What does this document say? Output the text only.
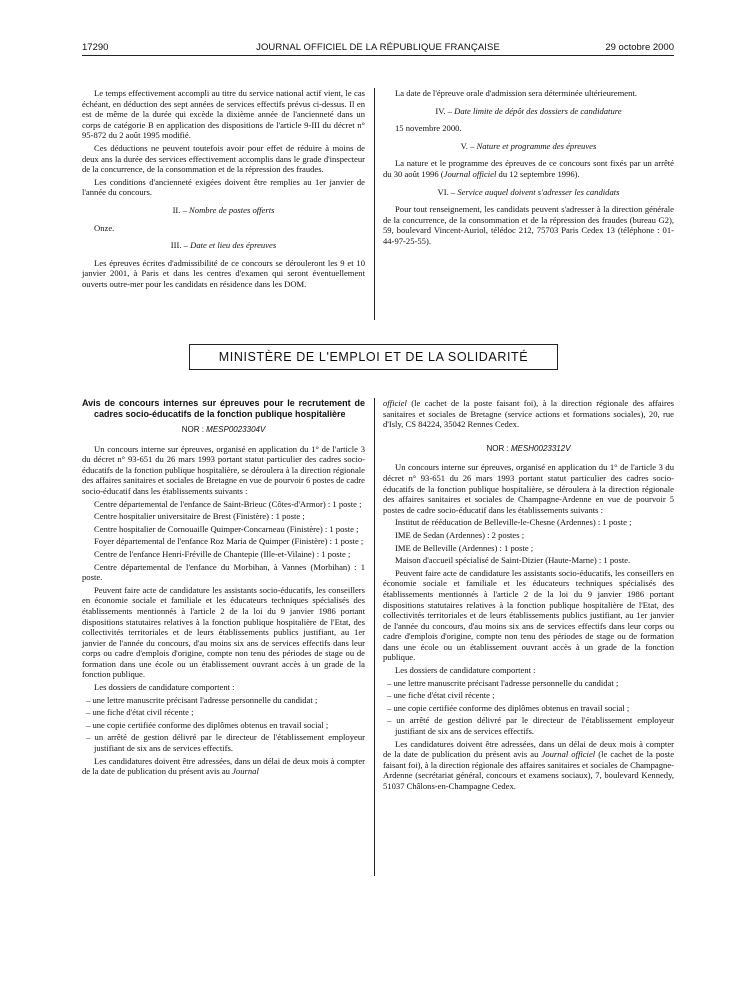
17290	JOURNAL OFFICIEL DE LA RÉPUBLIQUE FRANÇAISE	29 octobre 2000

Le temps effectivement accompli au titre du service national actif vient, le cas échéant, en déduction des sept années de services effectifs prévus ci-dessus. Il en est de même de la durée qui excède la dixième année de l'ancienneté dans un corps de catégorie B en application des dispositions de l'article 9-III du décret n° 95-872 du 2 août 1995 modifié.

Ces déductions ne peuvent toutefois avoir pour effet de réduire à moins de deux ans la durée des services effectivement accomplis dans le grade d'inspecteur de la concurrence, de la consommation et de la répression des fraudes.

Les conditions d'ancienneté exigées doivent être remplies au 1er janvier de l'année du concours.

II. – Nombre de postes offerts

Onze.

III. – Date et lieu des épreuves

Les épreuves écrites d'admissibilité de ce concours se dérouleront les 9 et 10 janvier 2001, à Paris et dans les centres d'examen qui seront éventuellement ouverts outre-mer pour les candidats en résidence dans les DOM.

La date de l'épreuve orale d'admission sera déterminée ultérieurement.

IV. – Date limite de dépôt des dossiers de candidature

15 novembre 2000.

V. – Nature et programme des épreuves

La nature et le programme des épreuves de ce concours sont fixés par un arrêté du 30 août 1996 (Journal officiel du 12 septembre 1996).

VI. – Service auquel doivent s'adresser les candidats

Pour tout renseignement, les candidats peuvent s'adresser à la direction générale de la concurrence, de la consommation et de la répression des fraudes (bureau G2), 59, boulevard Vincent-Auriol, télédoc 212, 75703 Paris Cedex 13 (téléphone : 01-44-97-25-55).

MINISTÈRE DE L'EMPLOI ET DE LA SOLIDARITÉ

Avis de concours internes sur épreuves pour le recrutement de cadres socio-éducatifs de la fonction publique hospitalière

NOR : MESP0023304V

Un concours interne sur épreuves, organisé en application du 1° de l'article 3 du décret n° 93-651 du 26 mars 1993 portant statut particulier des cadres socio-éducatifs de la fonction publique hospitalière, se déroulera à la direction régionale des affaires sanitaires et sociales de Bretagne en vue de pourvoir 6 postes de cadre socio-éducatif dans les établissements suivants :

Centre départemental de l'enfance de Saint-Brieuc (Côtes-d'Armor) : 1 poste ;

Centre hospitalier universitaire de Brest (Finistère) : 1 poste ;

Centre hospitalier de Cornouaille Quimper-Concarneau (Finistère) : 1 poste ;

Foyer départemental de l'enfance Roz Maria de Quimper (Finistère) : 1 poste ;

Centre de l'enfance Henri-Fréville de Chantepie (Ille-et-Vilaine) : 1 poste ;

Centre départemental de l'enfance du Morbihan, à Vannes (Morbihan) : 1 poste.

Peuvent faire acte de candidature les assistants socio-éducatifs, les conseillers en économie sociale et familiale et les éducateurs techniques spécialisés des établissements mentionnés à l'article 2 de la loi du 9 janvier 1986 portant dispositions statutaires relatives à la fonction publique hospitalière de l'Etat, des collectivités territoriales et de leurs établissements publics justifiant, au 1er janvier de l'année du concours, d'au moins six ans de services effectifs dans leur corps ou cadre d'emplois d'origine, compte non tenu des périodes de stage ou de formation dans une école ou un établissement ouvrant accès à un grade de la fonction publique.

Les dossiers de candidature comportent :

– une lettre manuscrite précisant l'adresse personnelle du candidat ;

– une fiche d'état civil récente ;

– une copie certifiée conforme des diplômes obtenus en travail social ;

– un arrêté de gestion délivré par le directeur de l'établissement employeur justifiant de six ans de services effectifs.

Les candidatures doivent être adressées, dans un délai de deux mois à compter de la date de publication du présent avis au Journal

officiel (le cachet de la poste faisant foi), à la direction régionale des affaires sanitaires et sociales de Bretagne (service actions et formations sociales), 20, rue d'Isly, CS 84224, 35042 Rennes Cedex.

NOR : MESH0023312V

Un concours interne sur épreuves, organisé en application du 1° de l'article 3 du décret n° 93-651 du 26 mars 1993 portant statut particulier des cadres socio-éducatifs de la fonction publique hospitalière, se déroulera à la direction régionale des affaires sanitaires et sociales de Champagne-Ardenne en vue de pourvoir 5 postes de cadre socio-éducatif dans les établissements suivants :

Institut de rééducation de Belleville-le-Chesne (Ardennes) : 1 poste ;

IME de Sedan (Ardennes) : 2 postes ;

IME de Belleville (Ardennes) : 1 poste ;

Maison d'accueil spécialisé de Saint-Dizier (Haute-Marne) : 1 poste.

Peuvent faire acte de candidature les assistants socio-éducatifs, les conseillers en économie sociale et familiale et les éducateurs techniques spécialisés des établissements mentionnés à l'article 2 de la loi du 9 janvier 1986 portant dispositions statutaires relatives à la fonction publique hospitalière de l'Etat, des collectivités territoriales et de leurs établissements publics justifiant, au 1er janvier de l'année du concours, d'au moins six ans de services effectifs dans leur corps ou cadre d'emplois d'origine, compte non tenu des périodes de stage ou de formation dans une école ou un établissement ouvrant accès à un grade de la fonction publique.

Les dossiers de candidature comportent :

– une lettre manuscrite précisant l'adresse personnelle du candidat ;

– une fiche d'état civil récente ;

– une copie certifiée conforme des diplômes obtenus en travail social ;

– un arrêté de gestion délivré par le directeur de l'établissement employeur justifiant de six ans de services effectifs.

Les candidatures doivent être adressées, dans un délai de deux mois à compter de la date de publication du présent avis au Journal officiel (le cachet de la poste faisant foi), à la direction régionale des affaires sanitaires et sociales de Champagne-Ardenne (secrétariat général, concours et examens sociaux), 7, boulevard Kennedy, 51037 Châlons-en-Champagne Cedex.
